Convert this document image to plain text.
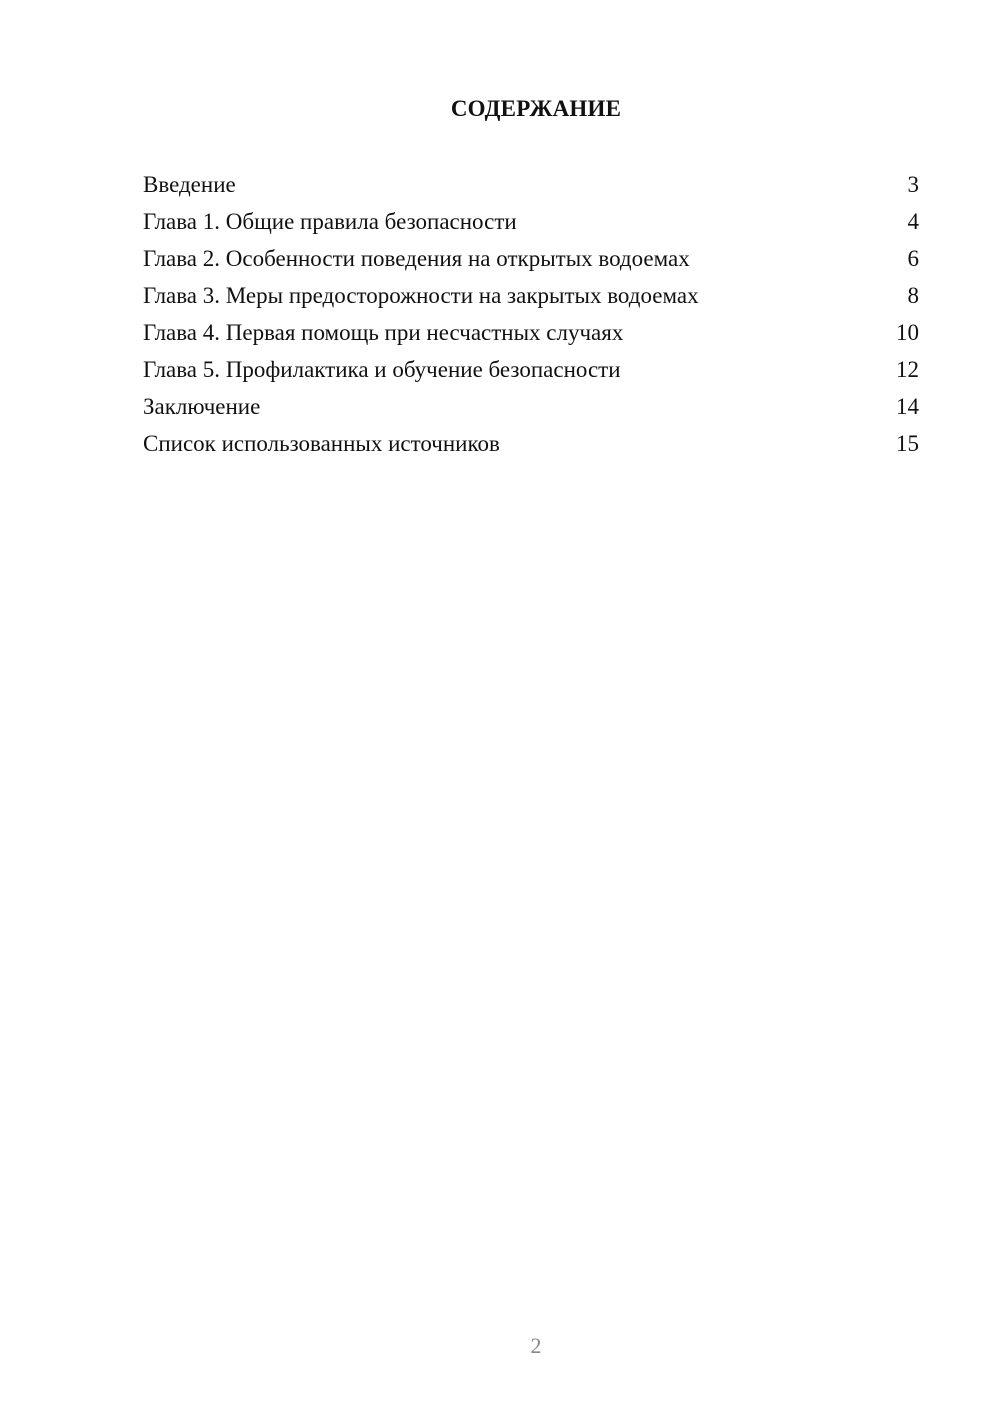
СОДЕРЖАНИЕ
Введение	3
Глава 1. Общие правила безопасности	4
Глава 2. Особенности поведения на открытых водоемах	6
Глава 3. Меры предосторожности на закрытых водоемах	8
Глава 4. Первая помощь при несчастных случаях	10
Глава 5. Профилактика и обучение безопасности	12
Заключение	14
Список использованных источников	15
2
